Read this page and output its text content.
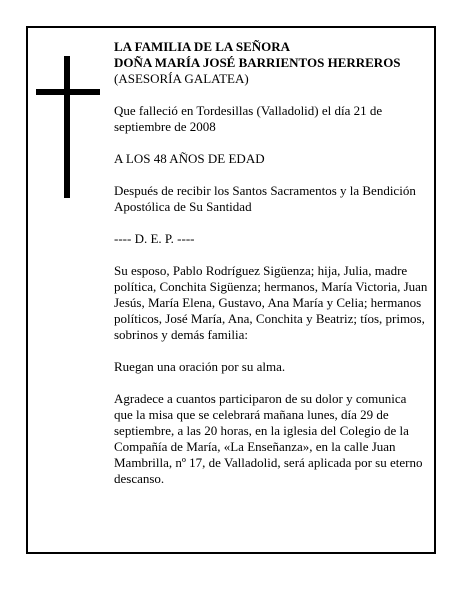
LA FAMILIA DE LA SEÑORA
DOÑA MARÍA JOSÉ BARRIENTOS HERREROS
(ASESORÍA GALATEA)

Que falleció en Tordesillas (Valladolid) el día 21 de septiembre de 2008

A LOS 48 AÑOS DE EDAD

Después de recibir los Santos Sacramentos y la Bendición Apostólica de Su Santidad

---- D. E. P. ----

Su esposo, Pablo Rodríguez Sigüenza; hija, Julia, madre política, Conchita Sigüenza; hermanos, María Victoria, Juan Jesús, María Elena, Gustavo, Ana María y Celia; hermanos políticos, José María, Ana, Conchita y Beatriz; tíos, primos, sobrinos y demás familia:

Ruegan una oración por su alma.

Agradece a cuantos participaron de su dolor y comunica que la misa que se celebrará mañana lunes, día 29 de septiembre, a las 20 horas, en la iglesia del Colegio de la Compañía de María, «La Enseñanza», en la calle Juan Mambrilla, nº 17, de Valladolid, será aplicada por su eterno descanso.
